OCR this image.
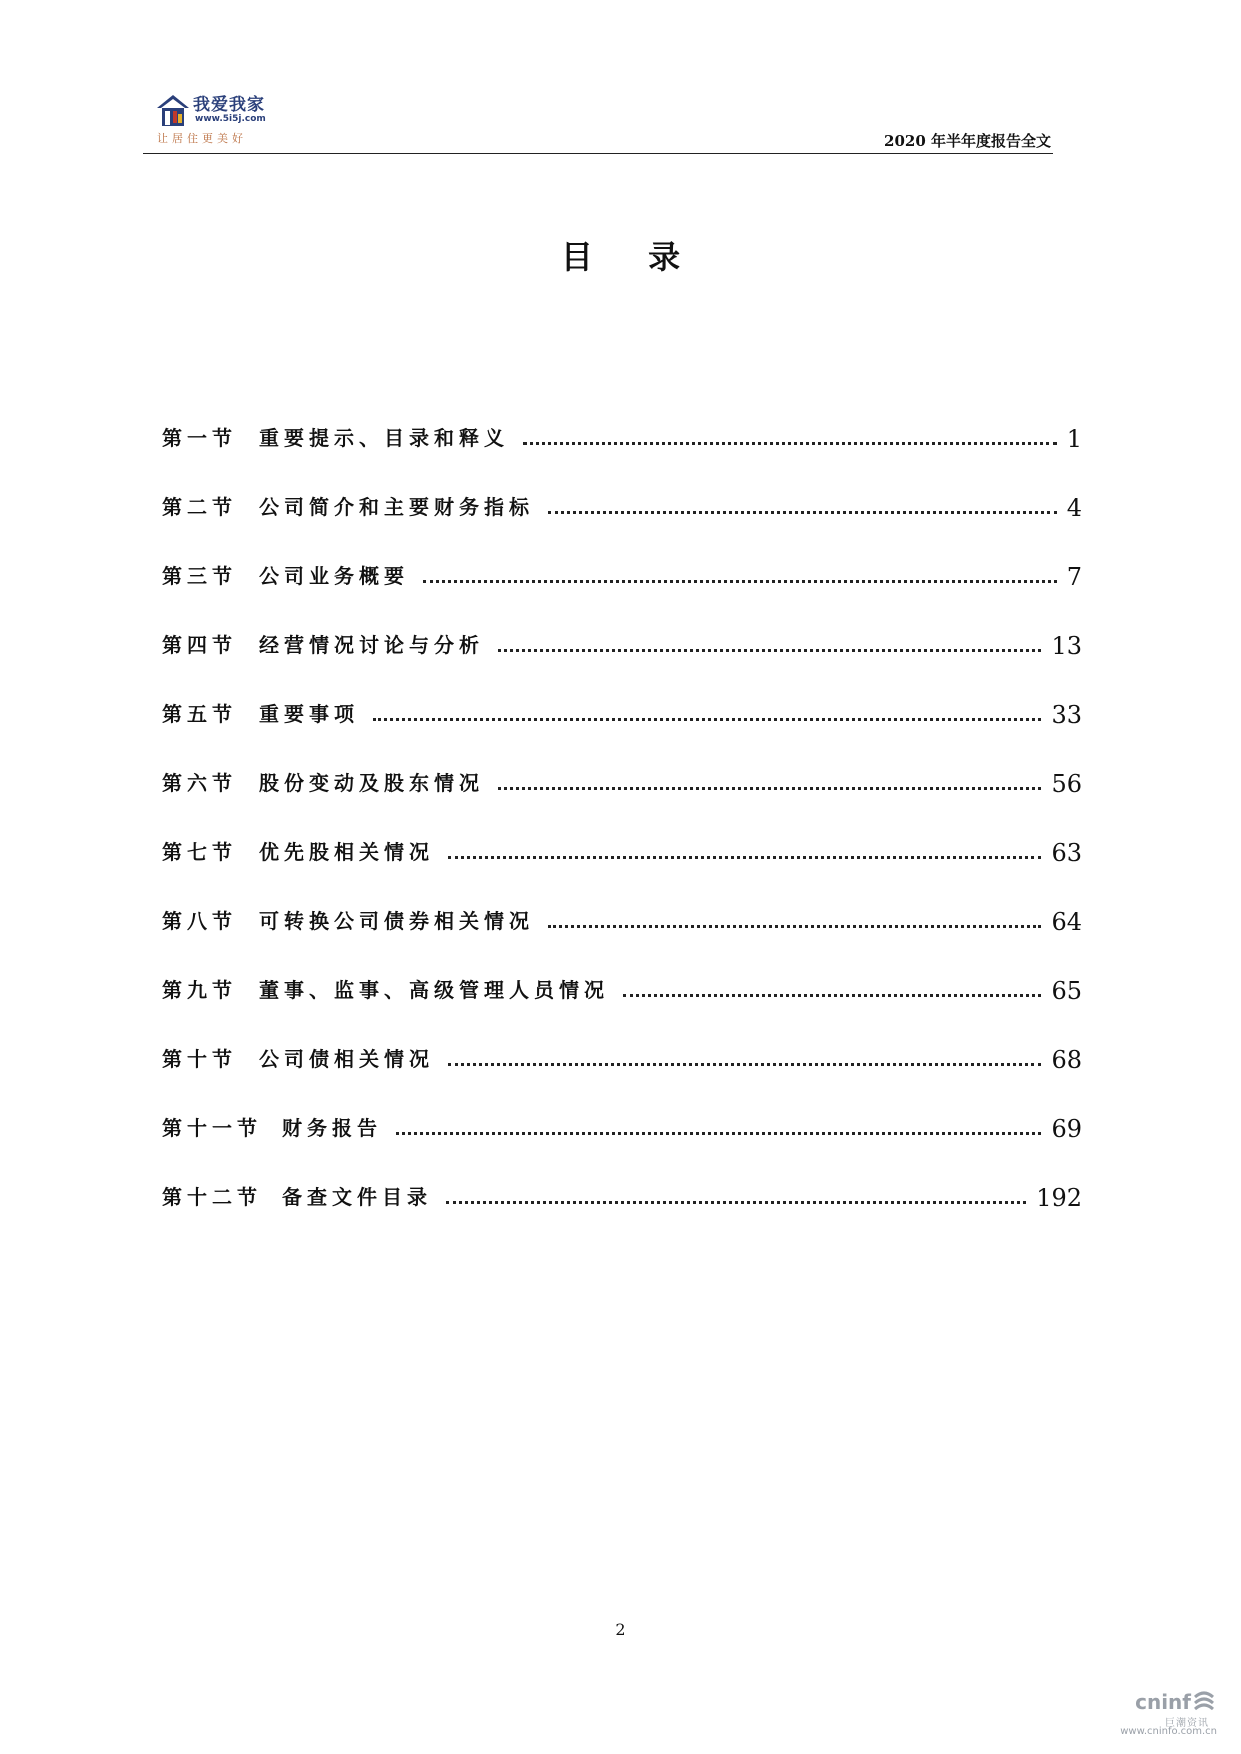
我爱我家
www.5i5j.com
让居住更美好	2020 年半年度报告全文
目 录
第一节 重要提示、目录和释义	1
第二节 公司简介和主要财务指标	4
第三节 公司业务概要	7
第四节 经营情况讨论与分析	13
第五节 重要事项	33
第六节 股份变动及股东情况	56
第七节 优先股相关情况	63
第八节 可转换公司债券相关情况	64
第九节 董事、监事、高级管理人员情况	65
第十节 公司债相关情况	68
第十一节 财务报告	69
第十二节 备查文件目录	192
2
cninf
巨潮资讯
www.cninfo.com.cn
